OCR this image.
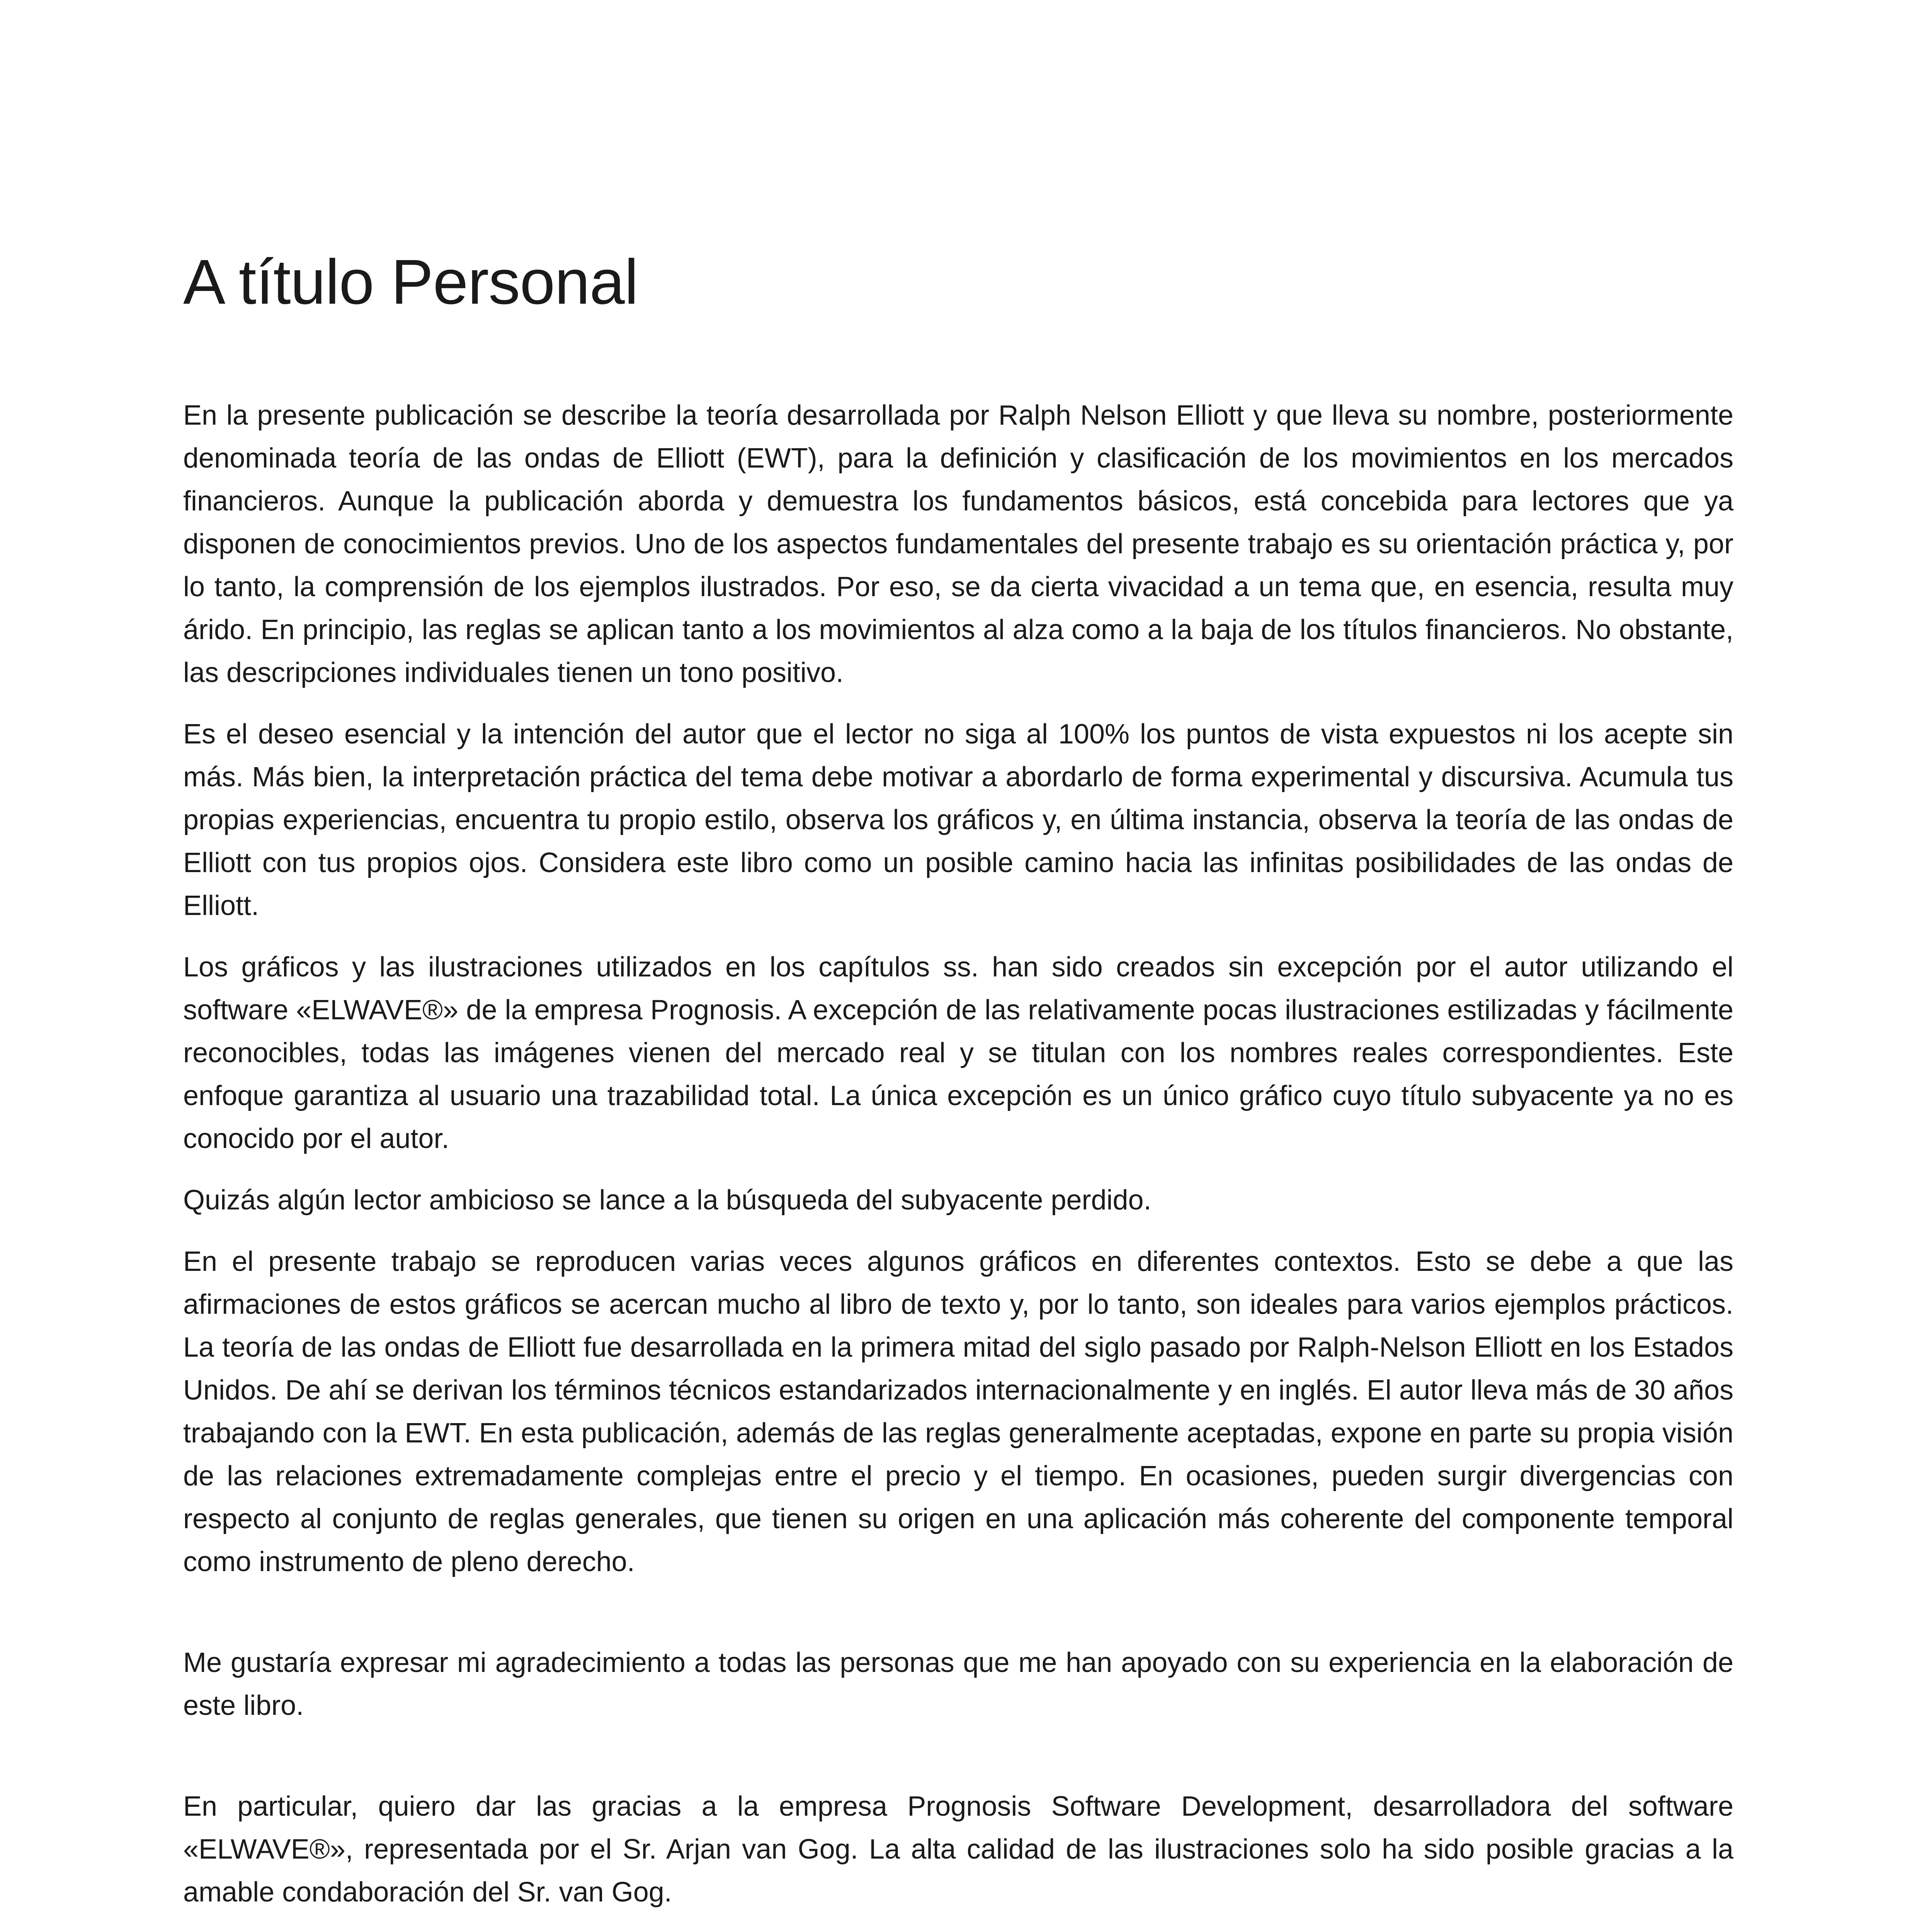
A título Personal

En la presente publicación se describe la teoría desarrollada por Ralph Nelson Elliott y que lleva su nombre, posteriormente denominada teoría de las ondas de Elliott (EWT), para la definición y clasificación de los movimientos en los mercados financieros. Aunque la publicación aborda y demuestra los fundamentos básicos, está concebida para lectores que ya disponen de conocimientos previos. Uno de los aspectos fundamentales del presente trabajo es su orientación práctica y, por lo tanto, la comprensión de los ejemplos ilustrados. Por eso, se da cierta vivacidad a un tema que, en esencia, resulta muy árido. En principio, las reglas se aplican tanto a los movimientos al alza como a la baja de los títulos financieros. No obstante, las descripciones individuales tienen un tono positivo.

Es el deseo esencial y la intención del autor que el lector no siga al 100% los puntos de vista expuestos ni los acepte sin más. Más bien, la interpretación práctica del tema debe motivar a abordarlo de forma experimental y discursiva. Acumula tus propias experiencias, encuentra tu propio estilo, observa los gráficos y, en última instancia, observa la teoría de las ondas de Elliott con tus propios ojos. Considera este libro como un posible camino hacia las infinitas posibilidades de las ondas de Elliott.

Los gráficos y las ilustraciones utilizados en los capítulos ss. han sido creados sin excepción por el autor utilizando el software «ELWAVE®» de la empresa Prognosis. A excepción de las relativamente pocas ilustraciones estilizadas y fácilmente reconocibles, todas las imágenes vienen del mercado real y se titulan con los nombres reales correspondientes. Este enfoque garantiza al usuario una trazabilidad total. La única excepción es un único gráfico cuyo título subyacente ya no es conocido por el autor.

Quizás algún lector ambicioso se lance a la búsqueda del subyacente perdido.

En el presente trabajo se reproducen varias veces algunos gráficos en diferentes contextos. Esto se debe a que las afirmaciones de estos gráficos se acercan mucho al libro de texto y, por lo tanto, son ideales para varios ejemplos prácticos. La teoría de las ondas de Elliott fue desarrollada en la primera mitad del siglo pasado por Ralph-Nelson Elliott en los Estados Unidos. De ahí se derivan los términos técnicos estandarizados internacionalmente y en inglés. El autor lleva más de 30 años trabajando con la EWT. En esta publicación, además de las reglas generalmente aceptadas, expone en parte su propia visión de las relaciones extremadamente complejas entre el precio y el tiempo. En ocasiones, pueden surgir divergencias con respecto al conjunto de reglas generales, que tienen su origen en una aplicación más coherente del componente temporal como instrumento de pleno derecho.

Me gustaría expresar mi agradecimiento a todas las personas que me han apoyado con su experiencia en la elaboración de este libro.

En particular, quiero dar las gracias a la empresa Prognosis Software Development, desarrolladora del software «ELWAVE®», representada por el Sr. Arjan van Gog. La alta calidad de las ilustraciones solo ha sido posible gracias a la amable condaboración del Sr. van Gog.
